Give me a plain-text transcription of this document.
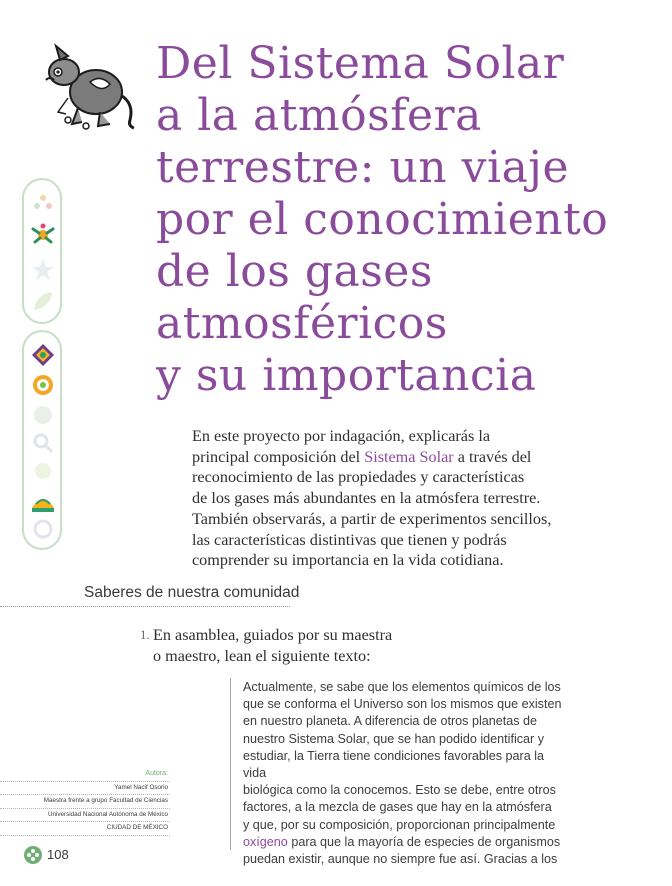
Del Sistema Solar
a la atmósfera
terrestre: un viaje
por el conocimiento
de los gases
atmosféricos
y su importancia
En este proyecto por indagación, explicarás la
principal composición del Sistema Solar a través del
reconocimiento de las propiedades y características
de los gases más abundantes en la atmósfera terrestre.
También observarás, a partir de experimentos sencillos,
las características distintivas que tienen y podrás
comprender su importancia en la vida cotidiana.
Saberes de nuestra comunidad
1. En asamblea, guiados por su maestra
o maestro, lean el siguiente texto:
Actualmente, se sabe que los elementos químicos de los
que se conforma el Universo son los mismos que existen
en nuestro planeta. A diferencia de otros planetas de
nuestro Sistema Solar, que se han podido identificar y
estudiar, la Tierra tiene condiciones favorables para la vida
biológica como la conocemos. Esto se debe, entre otros
factores, a la mezcla de gases que hay en la atmósfera
y que, por su composición, proporcionan principalmente
oxígeno para que la mayoría de especies de organismos
puedan existir, aunque no siempre fue así. Gracias a los
Autora:
Yamel Nacif Osorio
Maestra frente a grupo Facultad de Ciencias
Universidad Nacional Autónoma de México
CIUDAD DE MÉXICO
108
